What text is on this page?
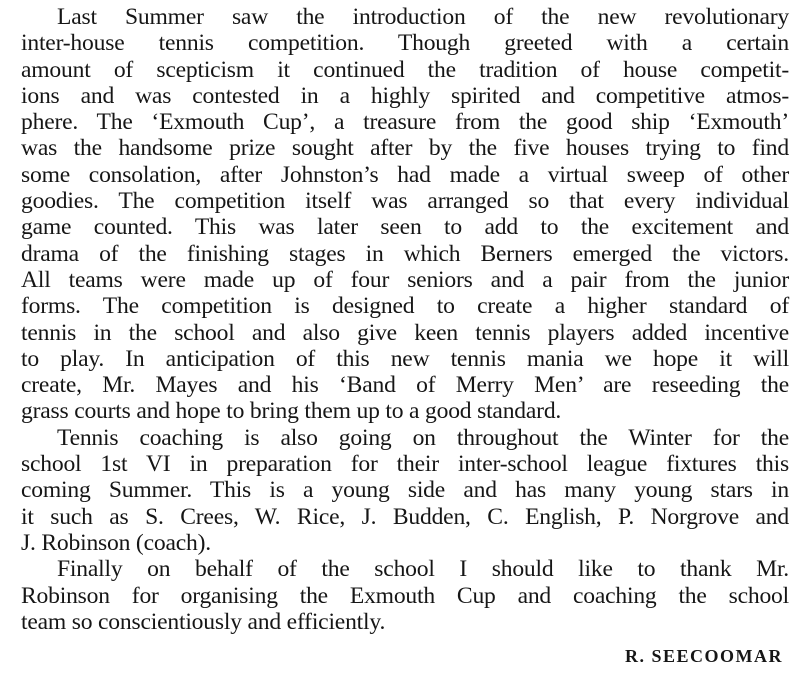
Last Summer saw the introduction of the new revolutionary
inter-house tennis competition. Though greeted with a certain
amount of scepticism it continued the tradition of house competit-
ions and was contested in a highly spirited and competitive atmos-
phere. The ‘Exmouth Cup’, a treasure from the good ship ‘Exmouth’
was the handsome prize sought after by the five houses trying to find
some consolation, after Johnston’s had made a virtual sweep of other
goodies. The competition itself was arranged so that every individual
game counted. This was later seen to add to the excitement and
drama of the finishing stages in which Berners emerged the victors.
All teams were made up of four seniors and a pair from the junior
forms. The competition is designed to create a higher standard of
tennis in the school and also give keen tennis players added incentive
to play. In anticipation of this new tennis mania we hope it will
create, Mr. Mayes and his ‘Band of Merry Men’ are reseeding the
grass courts and hope to bring them up to a good standard.

Tennis coaching is also going on throughout the Winter for the
school 1st VI in preparation for their inter-school league fixtures this
coming Summer. This is a young side and has many young stars in
it such as S. Crees, W. Rice, J. Budden, C. English, P. Norgrove and
J. Robinson (coach).

Finally on behalf of the school I should like to thank Mr.
Robinson for organising the Exmouth Cup and coaching the school
team so conscientiously and efficiently.

R. SEECOOMAR
